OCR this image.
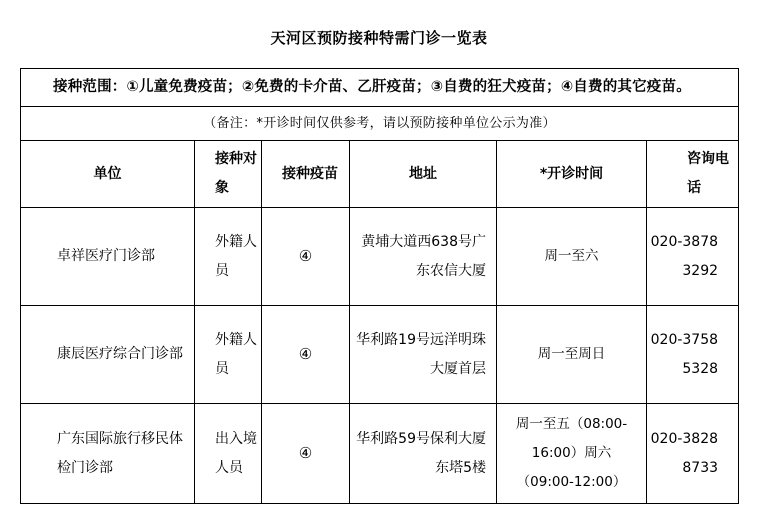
天河区预防接种特需门诊一览表
接种范围：①儿童免费疫苗；②免费的卡介苗、乙肝疫苗；③自费的狂犬疫苗；④自费的其它疫苗。					
（备注：*开诊时间仅供参考，请以预防接种单位公示为准）					
单位	接种对象	接种疫苗	地址	*开诊时间	咨询电话
卓祥医疗门诊部	外籍人员	④	黄埔大道西638号广东农信大厦	周一至六	020-38783292
康辰医疗综合门诊部	外籍人员	④	华利路19号远洋明珠大厦首层	周一至周日	020-37585328
广东国际旅行移民体检门诊部	出入境人员	④	华利路59号保利大厦东塔5楼	周一至五（08:00-16:00）周六（09:00-12:00）	020-38288733
